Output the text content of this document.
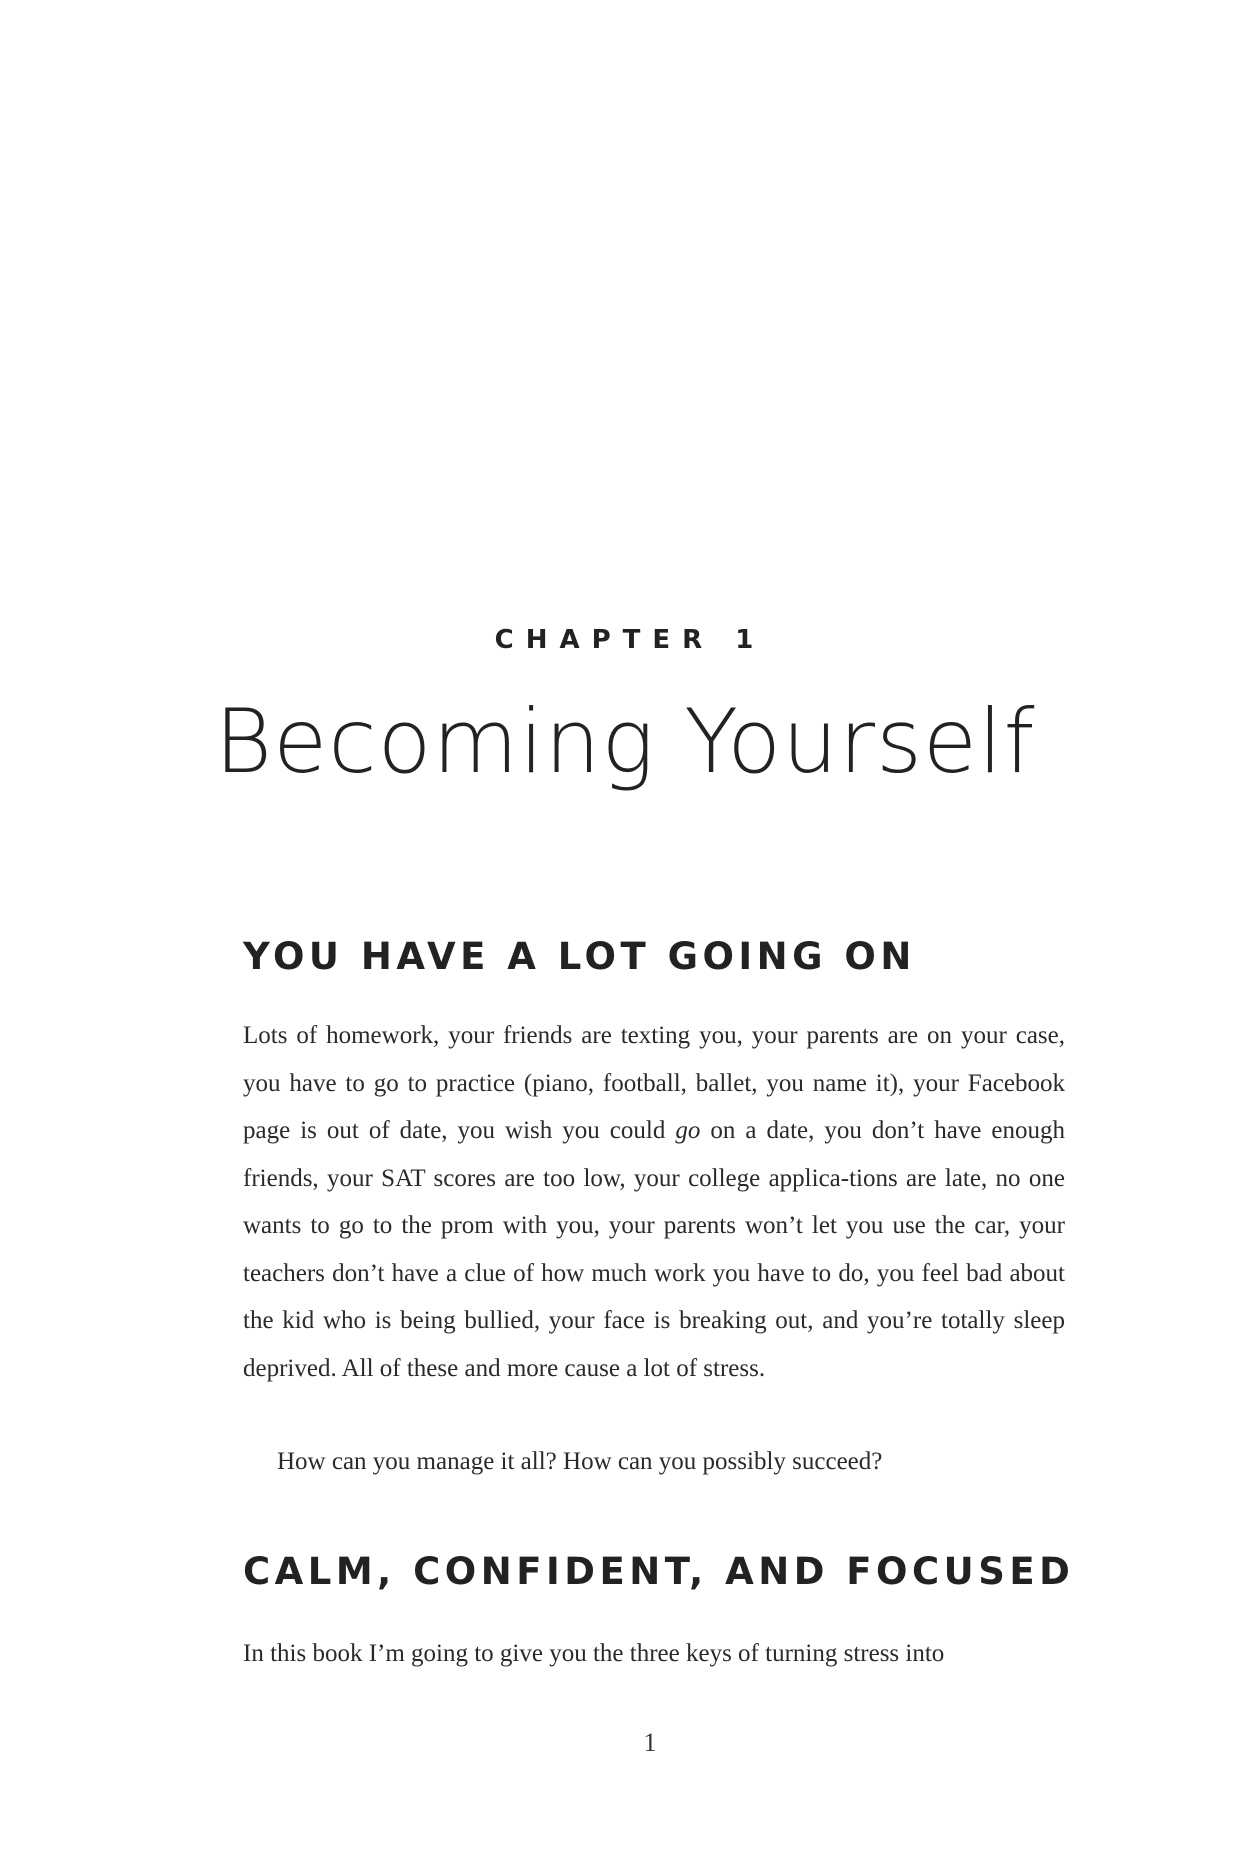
CHAPTER 1
Becoming Yourself
YOU HAVE A LOT GOING ON

Lots of homework, your friends are texting you, your parents are on your case, you have to go to practice (piano, football, ballet, you name it), your Facebook page is out of date, you wish you could go on a date, you don’t have enough friends, your SAT scores are too low, your college applica-tions are late, no one wants to go to the prom with you, your parents won’t let you use the car, your teachers don’t have a clue of how much work you have to do, you feel bad about the kid who is being bullied, your face is breaking out, and you’re totally sleep deprived. All of these and more cause a lot of stress.

How can you manage it all? How can you possibly succeed?

CALM, CONFIDENT, AND FOCUSED

In this book I’m going to give you the three keys of turning stress into

1
